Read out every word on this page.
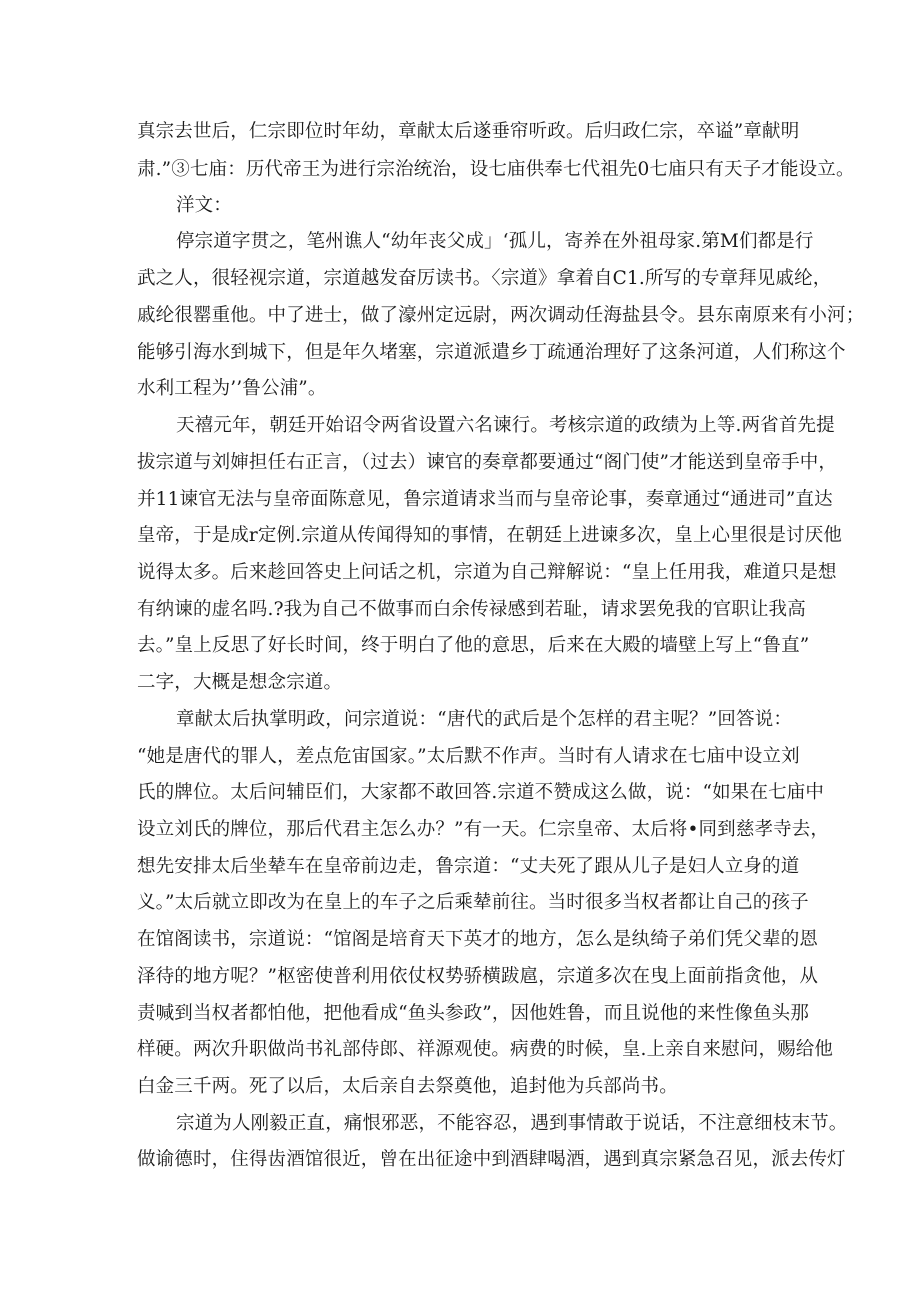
真宗去世后，仁宗即位时年幼，章献太后遂垂帘听政。后归政仁宗，卒谥”章献明
肃.”③七庙：历代帝王为进行宗治统治，设七庙供奉七代祖先0七庙只有天子才能设立。
洋文：
停宗道字贯之，笔州谯人“幼年丧父成」‘孤儿，寄养在外祖母家.第M们都是行
武之人，很轻视宗道，宗道越发奋厉读书。〈宗道》拿着自C1.所写的专章拜见戚纶，
戚纶很罂重他。中了进士，做了濠州定远尉，两次调动任海盐县令。县东南原来有小河；
能够引海水到城下，但是年久堵塞，宗道派遣乡丁疏通治理好了这条河道，人们称这个
水利工程为’’鲁公浦”。
天禧元年，朝廷开始诏令两省设置六名谏行。考核宗道的政绩为上等.两省首先提
拔宗道与刘婶担任右正言，（过去）谏官的奏章都要通过“阁门使”才能送到皇帝手中，
并11谏官无法与皇帝面陈意见，鲁宗道请求当而与皇帝论事，奏章通过“通进司”直达
皇帝，于是成r定例.宗道从传闻得知的事情，在朝廷上进谏多次，皇上心里很是讨厌他
说得太多。后来趁回答史上问话之机，宗道为自己辩解说：“皇上任用我，难道只是想
有纳谏的虚名吗.?我为自己不做事而白余传禄感到若耻，请求罢免我的官职让我高
去。”皇上反思了好长时间，终于明白了他的意思，后来在大殿的墙壁上写上“鲁直”
二字，大概是想念宗道。
章献太后执掌明政，问宗道说：“唐代的武后是个怎样的君主呢？”回答说：
“她是唐代的罪人，差点危宙国家。”太后默不作声。当时有人请求在七庙中设立刘
氏的牌位。太后问辅臣们，大家都不敢回答.宗道不赞成这么做，说：“如果在七庙中
设立刘氏的牌位，那后代君主怎么办？”有一天。仁宗皇帝、太后将•同到慈孝寺去，
想先安排太后坐辇车在皇帝前边走，鲁宗道：“丈夫死了跟从儿子是妇人立身的道
义。”太后就立即改为在皇上的车子之后乘辇前往。当时很多当权者都让自己的孩子
在馆阁读书，宗道说：“馆阁是培育天下英才的地方，怎么是纨绮子弟们凭父辈的恩
泽待的地方呢？”枢密使普利用依仗权势骄横跋扈，宗道多次在曳上面前指贪他，从
责喊到当权者都怕他，把他看成“鱼头参政”，因他姓鲁，而且说他的来性像鱼头那
样硬。两次升职做尚书礼部侍郎、祥源观使。病费的时候，皇.上亲自来慰问，赐给他
白金三千两。死了以后，太后亲自去祭奠他，追封他为兵部尚书。
宗道为人刚毅正直，痛恨邪恶，不能容忍，遇到事情敢于说话，不注意细枝末节。
做谕德时，住得齿酒馆很近，曾在出征途中到酒肆喝酒，遇到真宗紧急召见，派去传灯
